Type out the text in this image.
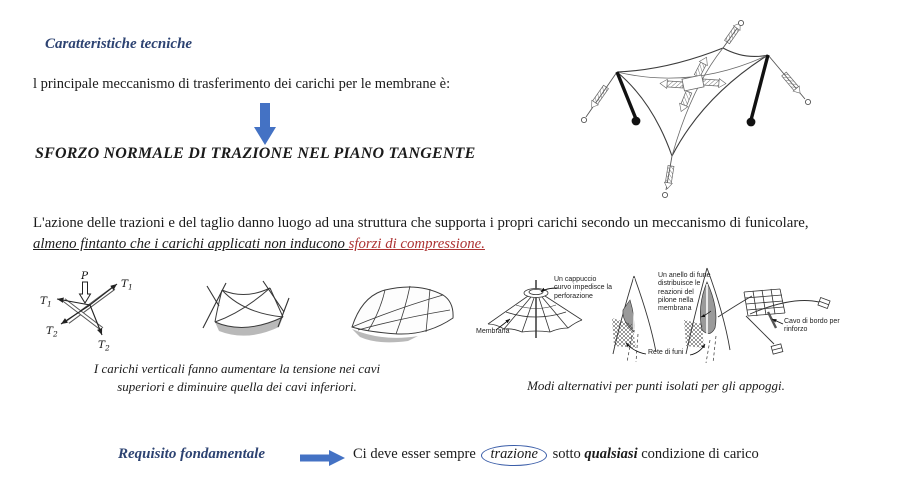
Caratteristiche tecniche
l principale meccanismo di trasferimento dei carichi per le membrane è:
SFORZO NORMALE DI TRAZIONE NEL PIANO TANGENTE
L'azione delle trazioni e del taglio danno luogo ad una struttura che supporta i propri carichi secondo un meccanismo di funicolare,
almeno fintanto che i carichi applicati non inducono sforzi di compressione.
P
$T_1$
$T_1$
$T_2$
$T_2$
Membrana
Un cappuccio curvo impedisce la perforazione
Un anello di fune distribuisce le reazioni del pilone nella membrana
Rete di funi
Cavo di bordo per rinforzo
I carichi verticali fanno aumentare la tensione nei cavi superiori e diminuire quella dei cavi inferiori.	Modi alternativi per punti isolati per gli appoggi.
Requisito fondamentale	Ci deve esser sempre trazione sotto qualsiasi condizione di carico
